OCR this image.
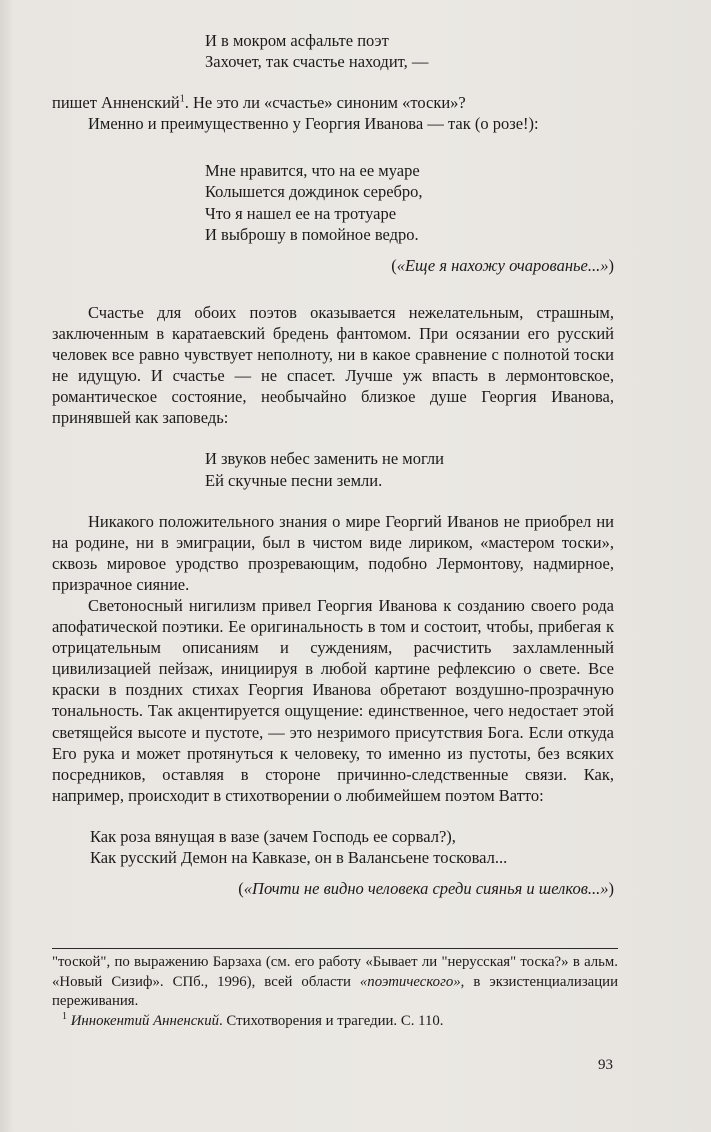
И в мокром асфальте поэт
Захочет, так счастье находит, —

пишет Анненский$^1$. Не это ли «счастье» синоним «тоски»?

Именно и преимущественно у Георгия Иванова — так (о розе!):

Мне нравится, что на ее муаре
Колышется дождинок серебро,
Что я нашел ее на тротуаре
И выброшу в помойное ведро.

(«Еще я нахожу очарованье...»)

Счастье для обоих поэтов оказывается нежелательным, страшным, заключенным в каратаевский бредень фантомом. При осязании его русский человек все равно чувствует неполноту, ни в какое сравнение с полнотой тоски не идущую. И счастье — не спасет. Лучше уж впасть в лермонтовское, романтическое состояние, необычайно близкое душе Георгия Иванова, принявшей как заповедь:

И звуков небес заменить не могли
Ей скучные песни земли.

Никакого положительного знания о мире Георгий Иванов не приобрел ни на родине, ни в эмиграции, был в чистом виде лириком, «мастером тоски», сквозь мировое уродство прозревающим, подобно Лермонтову, надмирное, призрачное сияние.

Светоносный нигилизм привел Георгия Иванова к созданию своего рода апофатической поэтики. Ее оригинальность в том и состоит, чтобы, прибегая к отрицательным описаниям и суждениям, расчистить захламленный цивилизацией пейзаж, инициируя в любой картине рефлексию о свете. Все краски в поздних стихах Георгия Иванова обретают воздушно-прозрачную тональность. Так акцентируется ощущение: единственное, чего недостает этой светящейся высоте и пустоте, — это незримого присутствия Бога. Если откуда Его рука и может протянуться к человеку, то именно из пустоты, без всяких посредников, оставляя в стороне причинно-следственные связи. Как, например, происходит в стихотворении о любимейшем поэтом Ватто:

Как роза вянущая в вазе (зачем Господь ее сорвал?),
Как русский Демон на Кавказе, он в Валансьене тосковал...

(«Почти не видно человека среди сиянья и шелков...»)

"тоской", по выражению Барзаха (см. его работу «Бывает ли "нерусская" тоска?» в альм. «Новый Сизиф». СПб., 1996), всей области «поэтического», в экзистенциализации переживания.

$^1$ Иннокентий Анненский. Стихотворения и трагедии. С. 110.

93
